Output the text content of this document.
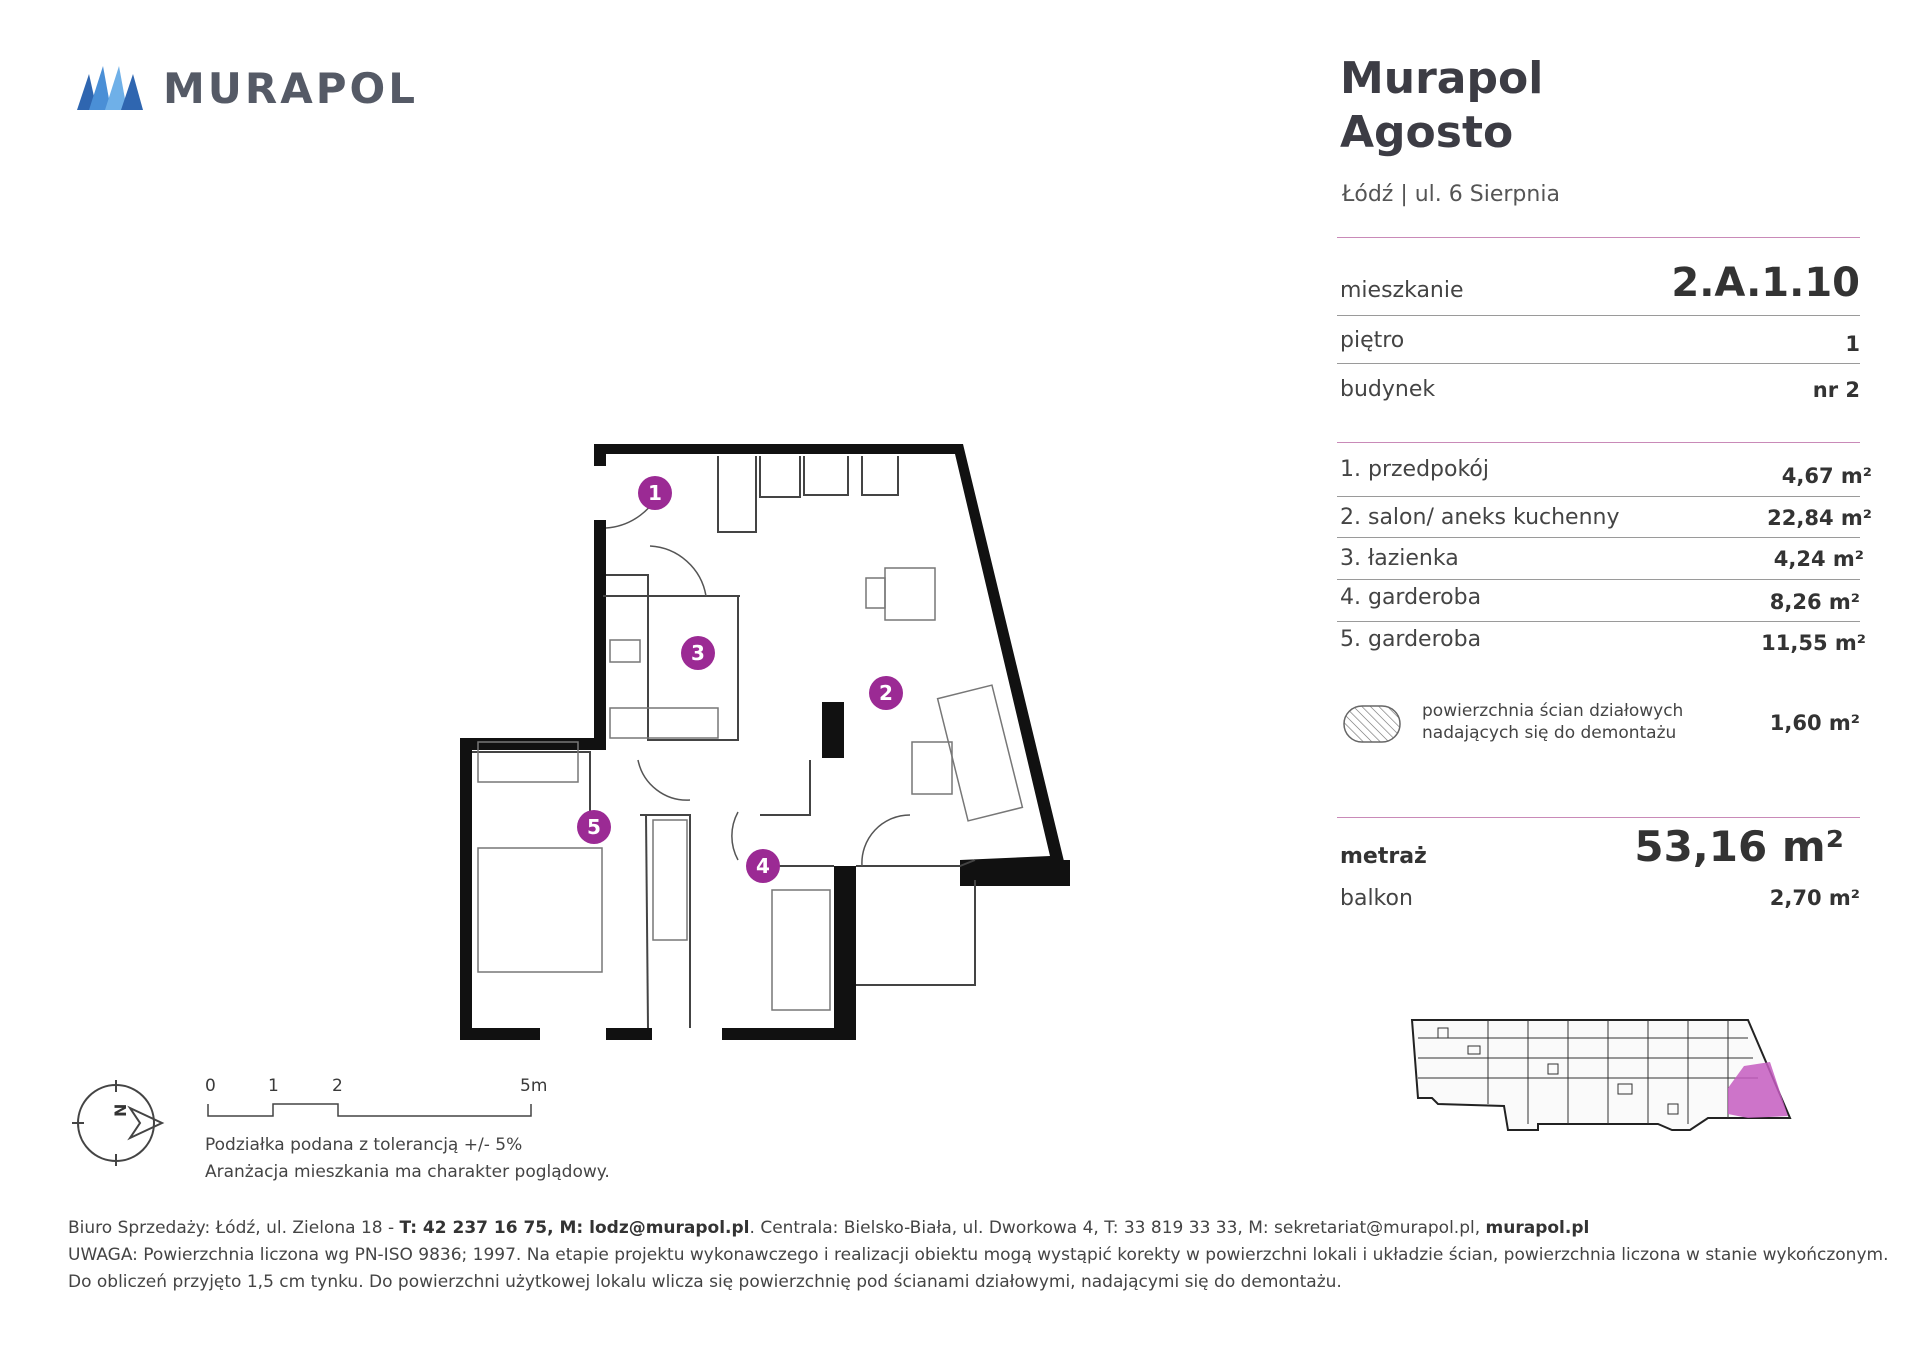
MURAPOL	Murapol
Agosto
Łódź | ul. 6 Sierpnia
mieszkanie	2.A.1.10
piętro	1
budynek	nr 2
1. przedpokój	4,67 m²
2. salon/ aneks kuchenny	22,84 m²
3. łazienka	4,24 m²
4. garderoba	8,26 m²
5. garderoba	11,55 m²
powierzchnia ścian działowych
nadających się do demontażu	1,60 m²
metraż	53,16 m²
balkon	2,70 m²
1
2
3
4
5
N
0	1	2	5m
Podziałka podana z tolerancją +/- 5%
Aranżacja mieszkania ma charakter poglądowy.
Biuro Sprzedaży: Łódź, ul. Zielona 18 - T: 42 237 16 75, M: lodz@murapol.pl. Centrala: Bielsko-Biała, ul. Dworkowa 4, T: 33 819 33 33, M: sekretariat@murapol.pl, murapol.pl
UWAGA: Powierzchnia liczona wg PN-ISO 9836; 1997. Na etapie projektu wykonawczego i realizacji obiektu mogą wystąpić korekty w powierzchni lokali i układzie ścian, powierzchnia liczona w stanie wykończonym.
Do obliczeń przyjęto 1,5 cm tynku. Do powierzchni użytkowej lokalu wlicza się powierzchnię pod ścianami działowymi, nadającymi się do demontażu.
